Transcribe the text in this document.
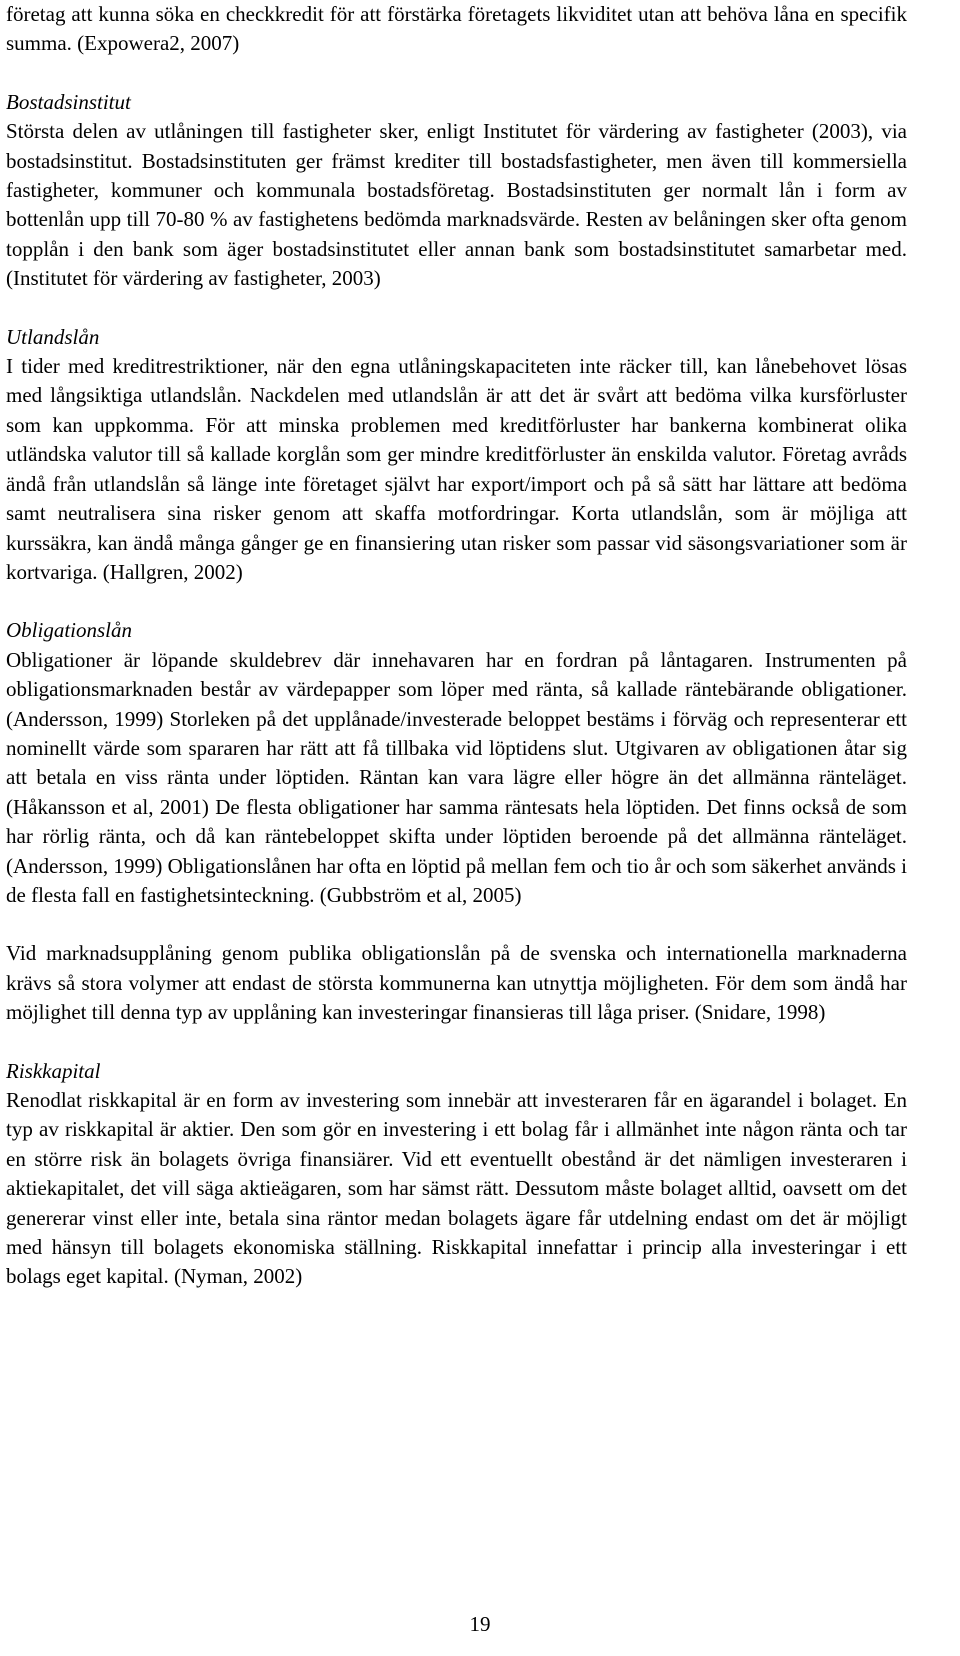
företag att kunna söka en checkkredit för att förstärka företagets likviditet utan att behöva låna en specifik summa. (Expowera2, 2007)

Bostadsinstitut

Största delen av utlåningen till fastigheter sker, enligt Institutet för värdering av fastigheter (2003), via bostadsinstitut. Bostadsinstituten ger främst krediter till bostadsfastigheter, men även till kommersiella fastigheter, kommuner och kommunala bostadsföretag. Bostadsinstituten ger normalt lån i form av bottenlån upp till 70-80 % av fastighetens bedömda marknadsvärde. Resten av belåningen sker ofta genom topplån i den bank som äger bostadsinstitutet eller annan bank som bostadsinstitutet samarbetar med. (Institutet för värdering av fastigheter, 2003)

Utlandslån

I tider med kreditrestriktioner, när den egna utlåningskapaciteten inte räcker till, kan lånebehovet lösas med långsiktiga utlandslån. Nackdelen med utlandslån är att det är svårt att bedöma vilka kursförluster som kan uppkomma. För att minska problemen med kreditförluster har bankerna kombinerat olika utländska valutor till så kallade korglån som ger mindre kreditförluster än enskilda valutor. Företag avråds ändå från utlandslån så länge inte företaget självt har export/import och på så sätt har lättare att bedöma samt neutralisera sina risker genom att skaffa motfordringar. Korta utlandslån, som är möjliga att kurssäkra, kan ändå många gånger ge en finansiering utan risker som passar vid säsongsvariationer som är kortvariga. (Hallgren, 2002)

Obligationslån

Obligationer är löpande skuldebrev där innehavaren har en fordran på låntagaren. Instrumenten på obligationsmarknaden består av värdepapper som löper med ränta, så kallade räntebärande obligationer. (Andersson, 1999) Storleken på det upplånade/investerade beloppet bestäms i förväg och representerar ett nominellt värde som spararen har rätt att få tillbaka vid löptidens slut. Utgivaren av obligationen åtar sig att betala en viss ränta under löptiden. Räntan kan vara lägre eller högre än det allmänna ränteläget. (Håkansson et al, 2001) De flesta obligationer har samma räntesats hela löptiden. Det finns också de som har rörlig ränta, och då kan räntebeloppet skifta under löptiden beroende på det allmänna ränteläget. (Andersson, 1999) Obligationslånen har ofta en löptid på mellan fem och tio år och som säkerhet används i de flesta fall en fastighetsinteckning. (Gubbström et al, 2005)

Vid marknadsupplåning genom publika obligationslån på de svenska och internationella marknaderna krävs så stora volymer att endast de största kommunerna kan utnyttja möjligheten. För dem som ändå har möjlighet till denna typ av upplåning kan investeringar finansieras till låga priser. (Snidare, 1998)

Riskkapital

Renodlat riskkapital är en form av investering som innebär att investeraren får en ägarandel i bolaget. En typ av riskkapital är aktier. Den som gör en investering i ett bolag får i allmänhet inte någon ränta och tar en större risk än bolagets övriga finansiärer. Vid ett eventuellt obestånd är det nämligen investeraren i aktiekapitalet, det vill säga aktieägaren, som har sämst rätt. Dessutom måste bolaget alltid, oavsett om det genererar vinst eller inte, betala sina räntor medan bolagets ägare får utdelning endast om det är möjligt med hänsyn till bolagets ekonomiska ställning. Riskkapital innefattar i princip alla investeringar i ett bolags eget kapital. (Nyman, 2002)

19
